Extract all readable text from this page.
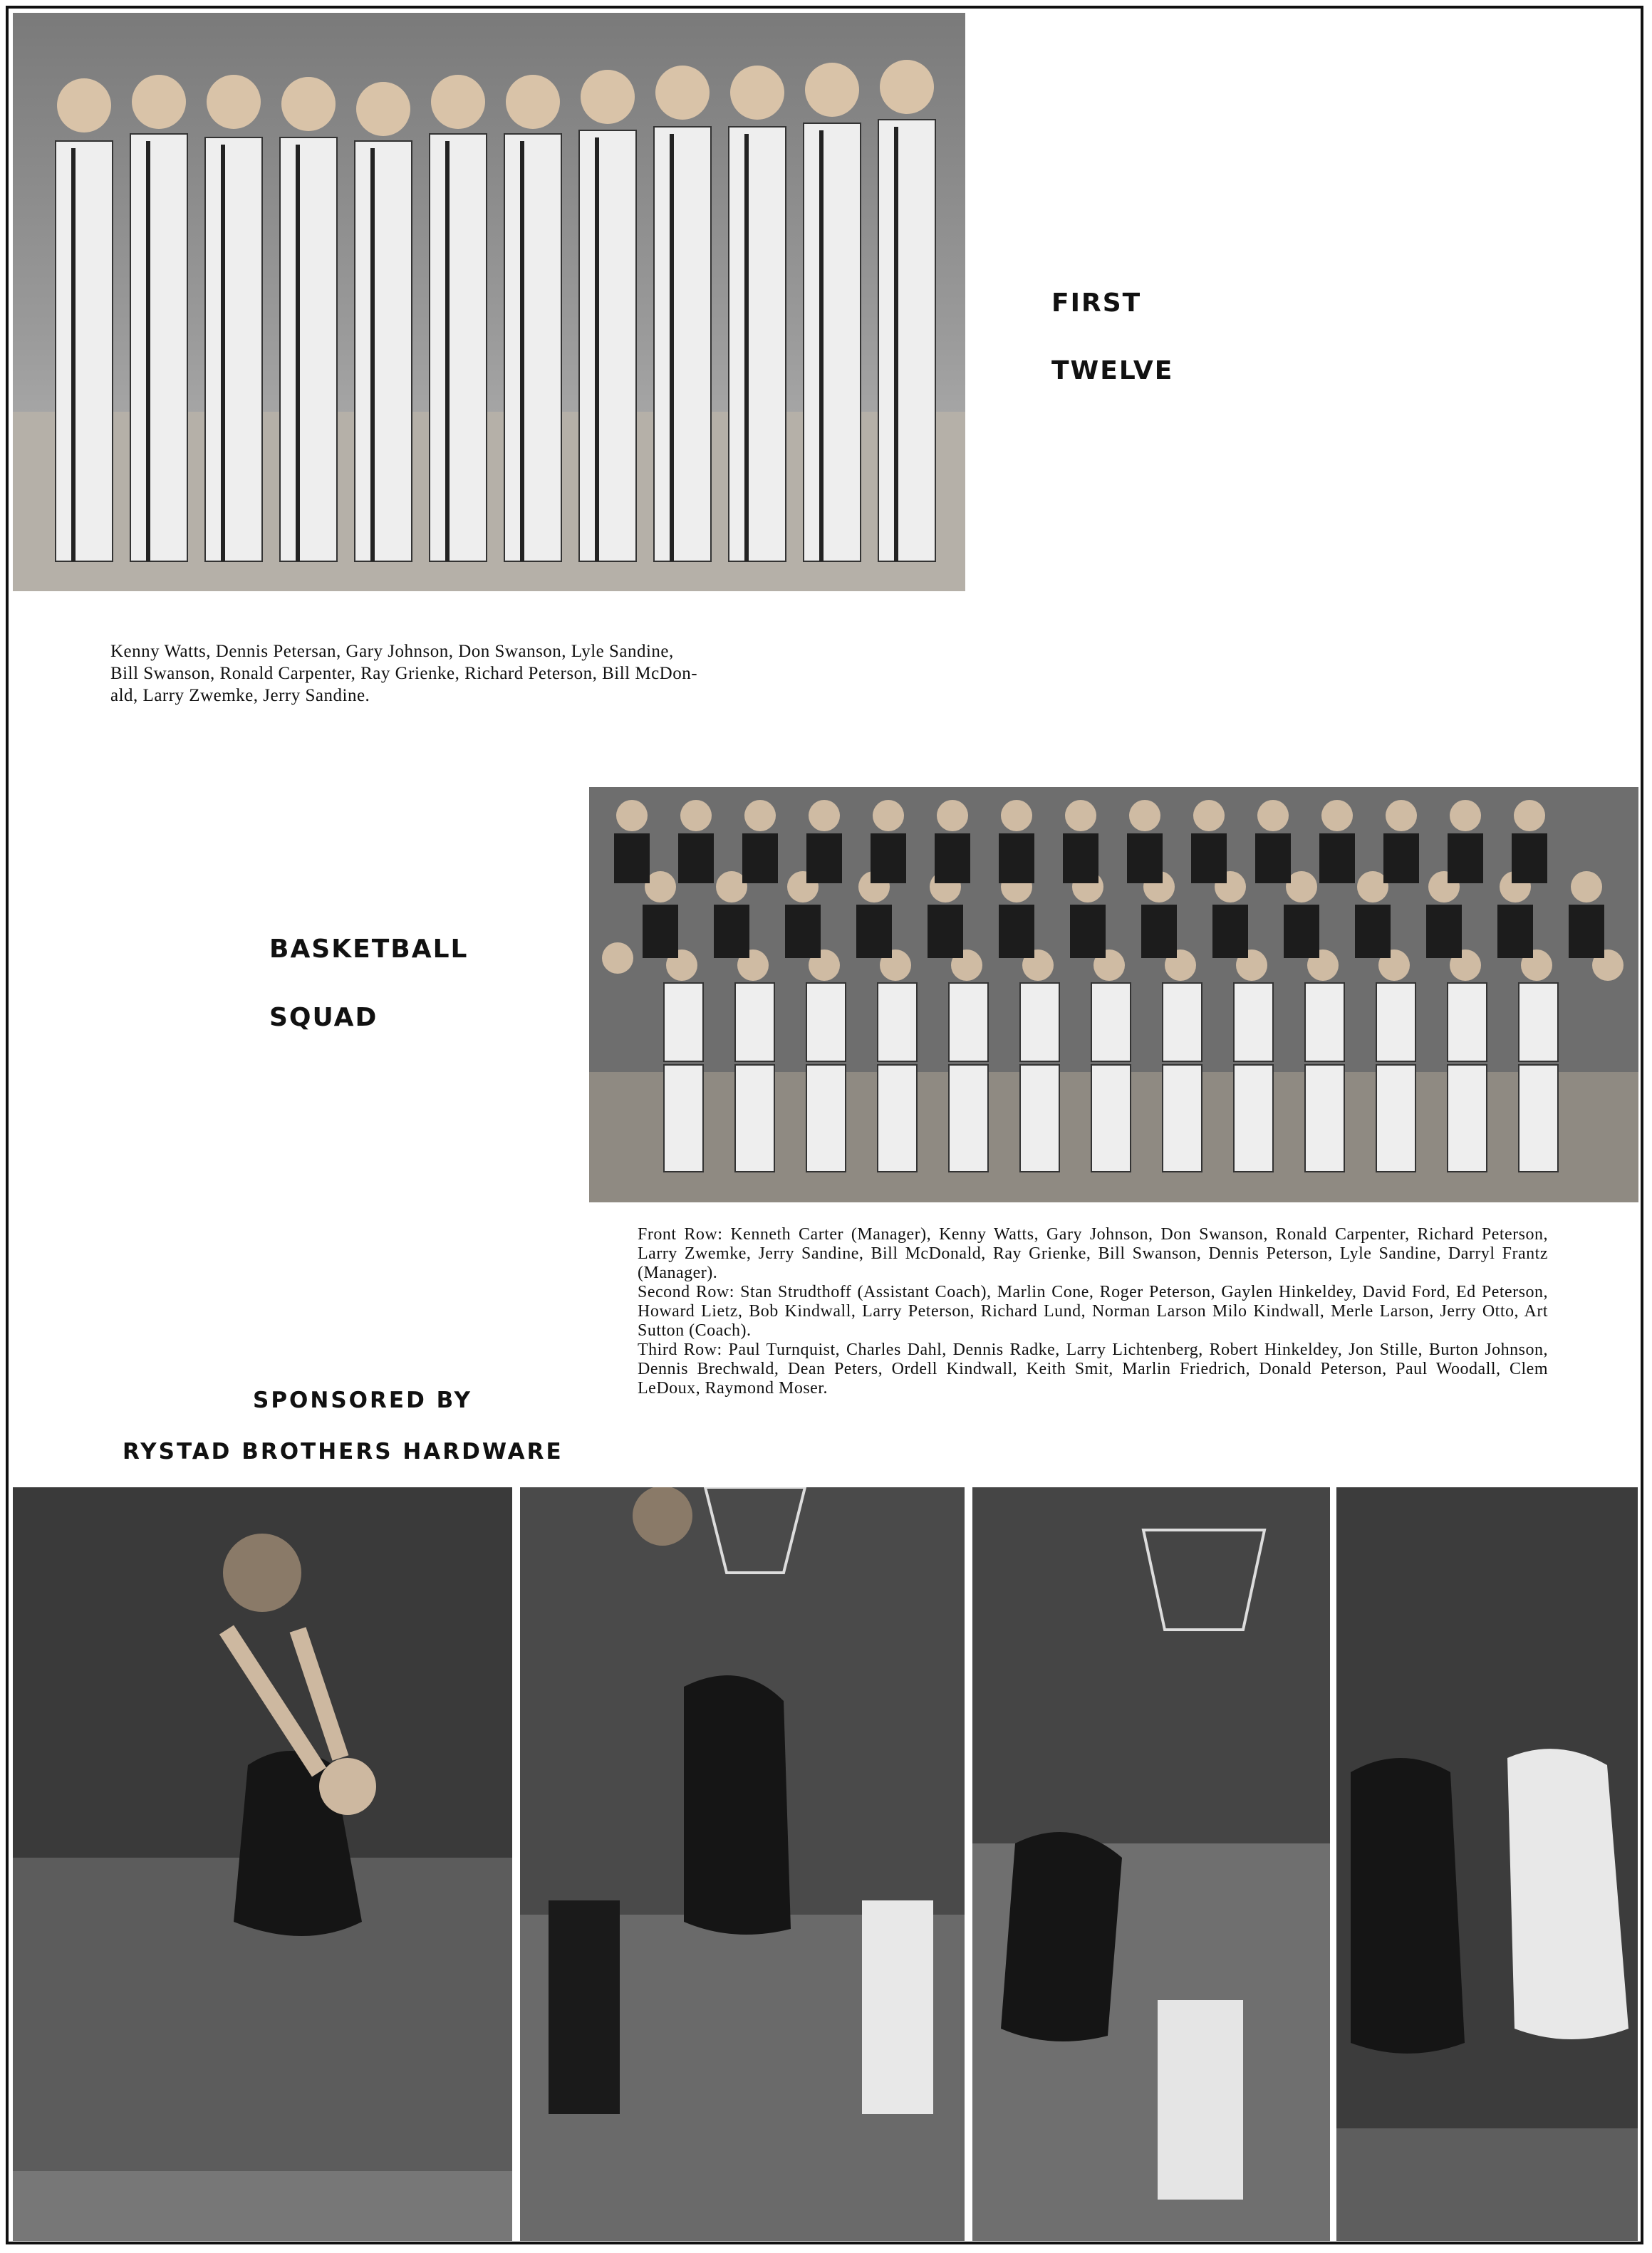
FIRST
TWELVE
Kenny Watts, Dennis Petersan, Gary Johnson, Don Swanson, Lyle Sandine,
Bill Swanson, Ronald Carpenter, Ray Grienke, Richard Peterson, Bill McDon-
ald, Larry Zwemke, Jerry Sandine.
BASKETBALL
SQUAD

Front Row: Kenneth Carter (Manager), Kenny Watts, Gary Johnson, Don Swanson, Ronald Carpenter, Richard Peterson, Larry Zwemke, Jerry Sandine, Bill McDonald, Ray Grienke, Bill Swanson, Dennis Peterson, Lyle Sandine, Darryl Frantz (Manager).

Second Row: Stan Strudthoff (Assistant Coach), Marlin Cone, Roger Peterson, Gaylen Hinkeldey, David Ford, Ed Peterson, Howard Lietz, Bob Kindwall, Larry Peterson, Richard Lund, Norman Larson Milo Kindwall, Merle Larson, Jerry Otto, Art Sutton (Coach).

Third Row: Paul Turnquist, Charles Dahl, Dennis Radke, Larry Lichtenberg, Robert Hinkeldey, Jon Stille, Burton Johnson, Dennis Brechwald, Dean Peters, Ordell Kindwall, Keith Smit, Marlin Friedrich, Donald Peterson, Paul Woodall, Clem LeDoux, Raymond Moser.

SPONSORED BY
RYSTAD BROTHERS HARDWARE
